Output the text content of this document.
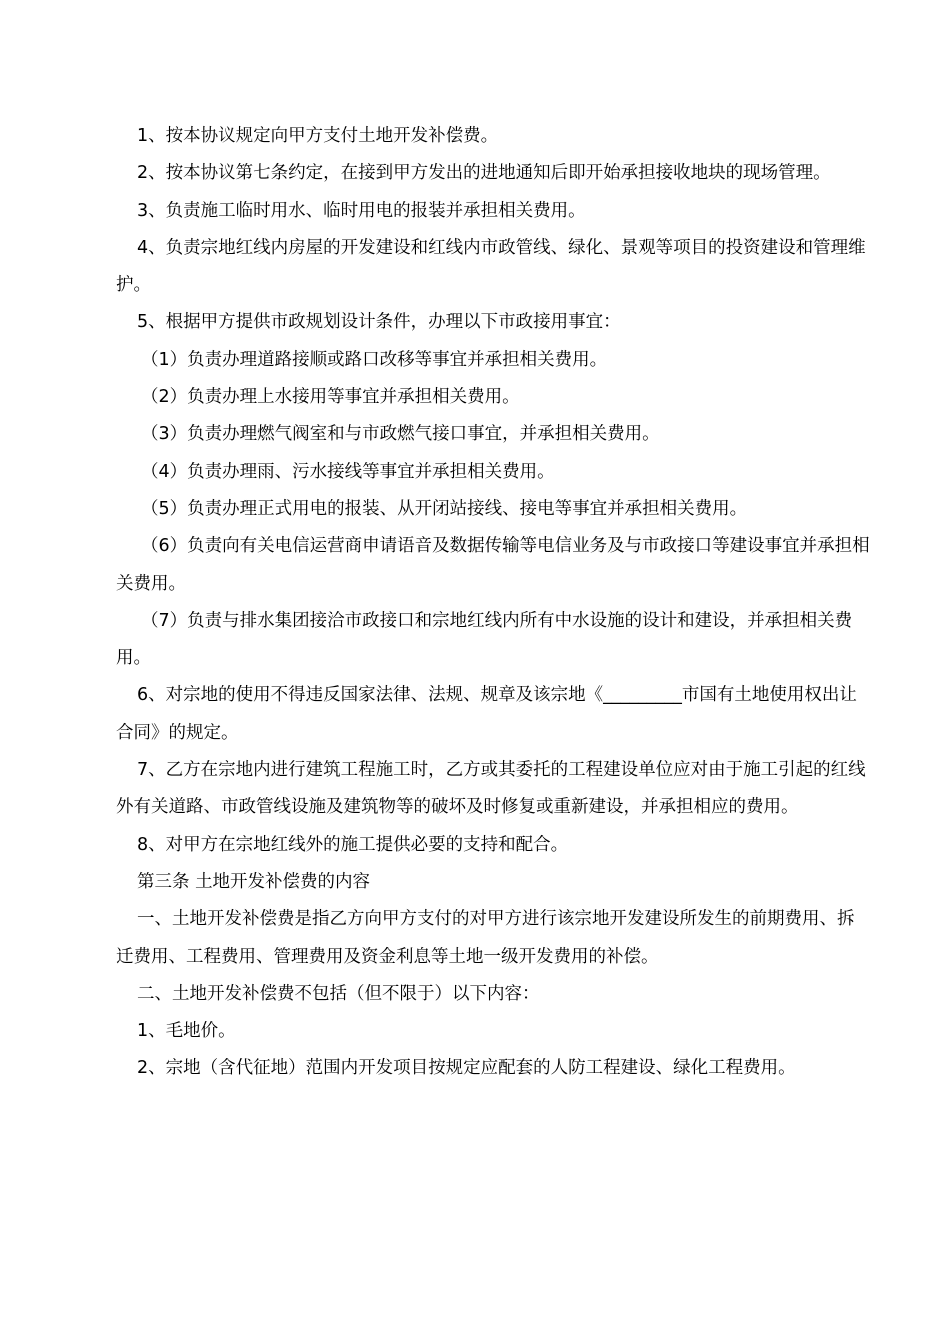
1、按本协议规定向甲方支付土地开发补偿费。

2、按本协议第七条约定，在接到甲方发出的进地通知后即开始承担接收地块的现场管理。

3、负责施工临时用水、临时用电的报装并承担相关费用。

4、负责宗地红线内房屋的开发建设和红线内市政管线、绿化、景观等项目的投资建设和管理维护。

5、根据甲方提供市政规划设计条件，办理以下市政接用事宜：

（1）负责办理道路接顺或路口改移等事宜并承担相关费用。

（2）负责办理上水接用等事宜并承担相关费用。

（3）负责办理燃气阀室和与市政燃气接口事宜，并承担相关费用。

（4）负责办理雨、污水接线等事宜并承担相关费用。

（5）负责办理正式用电的报装、从开闭站接线、接电等事宜并承担相关费用。

（6）负责向有关电信运营商申请语音及数据传输等电信业务及与市政接口等建设事宜并承担相关费用。

（7）负责与排水集团接洽市政接口和宗地红线内所有中水设施的设计和建设，并承担相关费用。

6、对宗地的使用不得违反国家法律、法规、规章及该宗地《_________市国有土地使用权出让合同》的规定。

7、乙方在宗地内进行建筑工程施工时，乙方或其委托的工程建设单位应对由于施工引起的红线外有关道路、市政管线设施及建筑物等的破坏及时修复或重新建设，并承担相应的费用。

8、对甲方在宗地红线外的施工提供必要的支持和配合。

第三条 土地开发补偿费的内容

一、土地开发补偿费是指乙方向甲方支付的对甲方进行该宗地开发建设所发生的前期费用、拆迁费用、工程费用、管理费用及资金利息等土地一级开发费用的补偿。

二、土地开发补偿费不包括（但不限于）以下内容：

1、毛地价。

2、宗地（含代征地）范围内开发项目按规定应配套的人防工程建设、绿化工程费用。
